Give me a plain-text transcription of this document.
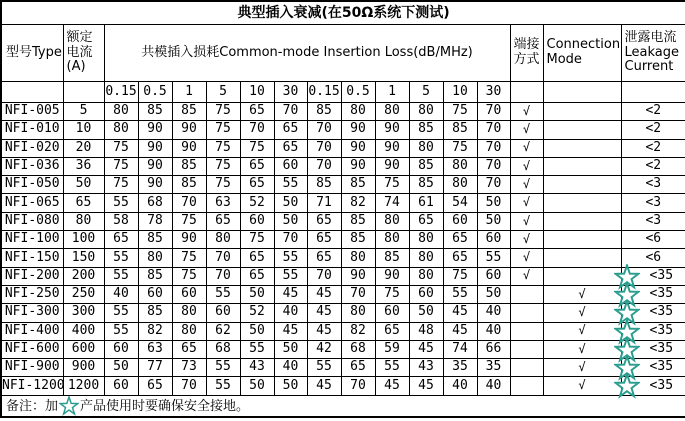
典型插入衰减(在50Ω系统下测试)																
型号Type	额定电流(A)	共模插入损耗Common-mode Insertion Loss(dB/MHz)												端接方式	Connection Mode	泄露电流Leakage Current
		0.15	0.5	1	5	10	30	0.15	0.5	1	5	10	30			
NFI-005	5	80	85	85	75	65	70	85	80	80	80	75	70	√		<2
NFI-010	10	80	90	90	75	70	65	70	90	90	85	85	70	√		<2
NFI-020	20	75	90	90	75	75	65	70	90	90	80	75	70	√		<2
NFI-036	36	75	90	85	75	65	60	70	90	90	85	80	70	√		<2
NFI-050	50	75	90	85	75	65	55	85	85	75	85	80	70	√		<3
NFI-065	65	55	68	70	63	52	50	71	82	74	61	54	50	√		<3
NFI-080	80	58	78	75	65	60	50	65	85	80	65	60	50	√		<3
NFI-100	100	65	85	90	80	75	70	65	85	80	80	65	60	√		<6
NFI-150	150	55	80	75	70	65	55	65	80	85	80	65	55	√		<6
NFI-200	200	55	85	75	70	65	55	70	90	90	80	75	60	√		<35
NFI-250	250	40	60	60	55	50	45	45	70	75	60	55	50		√	<35
NFI-300	300	55	85	80	60	52	40	45	80	60	50	45	40		√	<35
NFI-400	400	55	82	80	62	50	45	45	82	65	48	45	40		√	<35
NFI-600	600	60	63	65	68	55	50	42	68	59	45	74	66		√	<35
NFI-900	900	50	77	73	55	43	40	55	65	55	43	35	35		√	<35
NFI-1200	1200	60	65	70	55	50	50	45	70	45	45	40	40		√	<35
备注：加 产品使用时要确保安全接地。																
